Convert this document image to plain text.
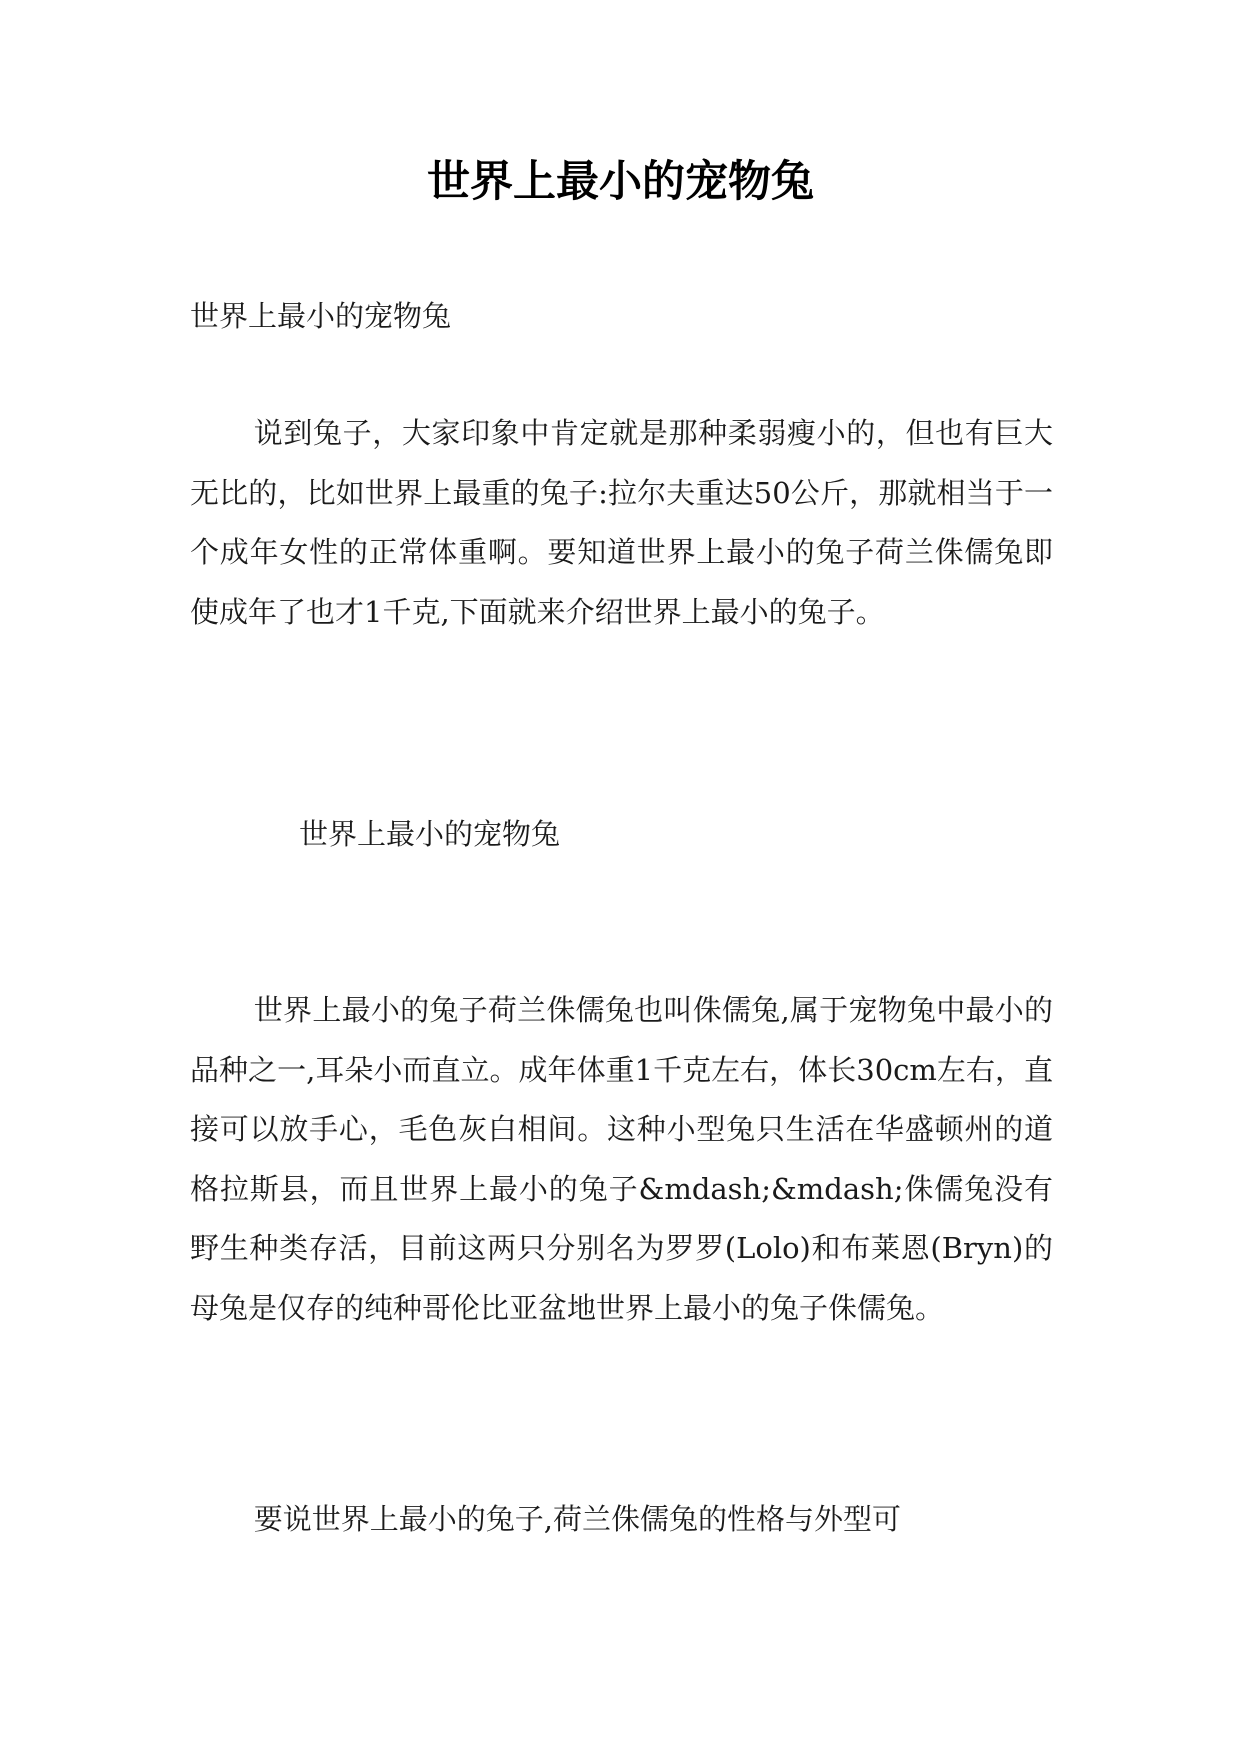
世界上最小的宠物兔

世界上最小的宠物兔

说到兔子，大家印象中肯定就是那种柔弱瘦小的，但也有巨大无比的，比如世界上最重的兔子:拉尔夫重达50公斤，那就相当于一个成年女性的正常体重啊。要知道世界上最小的兔子荷兰侏儒兔即使成年了也才1千克,下面就来介绍世界上最小的兔子。

世界上最小的宠物兔

世界上最小的兔子荷兰侏儒兔也叫侏儒兔,属于宠物兔中最小的品种之一,耳朵小而直立。成年体重1千克左右，体长30cm左右，直接可以放手心，毛色灰白相间。这种小型兔只生活在华盛顿州的道格拉斯县，而且世界上最小的兔子&mdash;&mdash;侏儒兔没有野生种类存活，目前这两只分别名为罗罗(Lolo)和布莱恩(Bryn)的母兔是仅存的纯种哥伦比亚盆地世界上最小的兔子侏儒兔。

要说世界上最小的兔子,荷兰侏儒兔的性格与外型可
